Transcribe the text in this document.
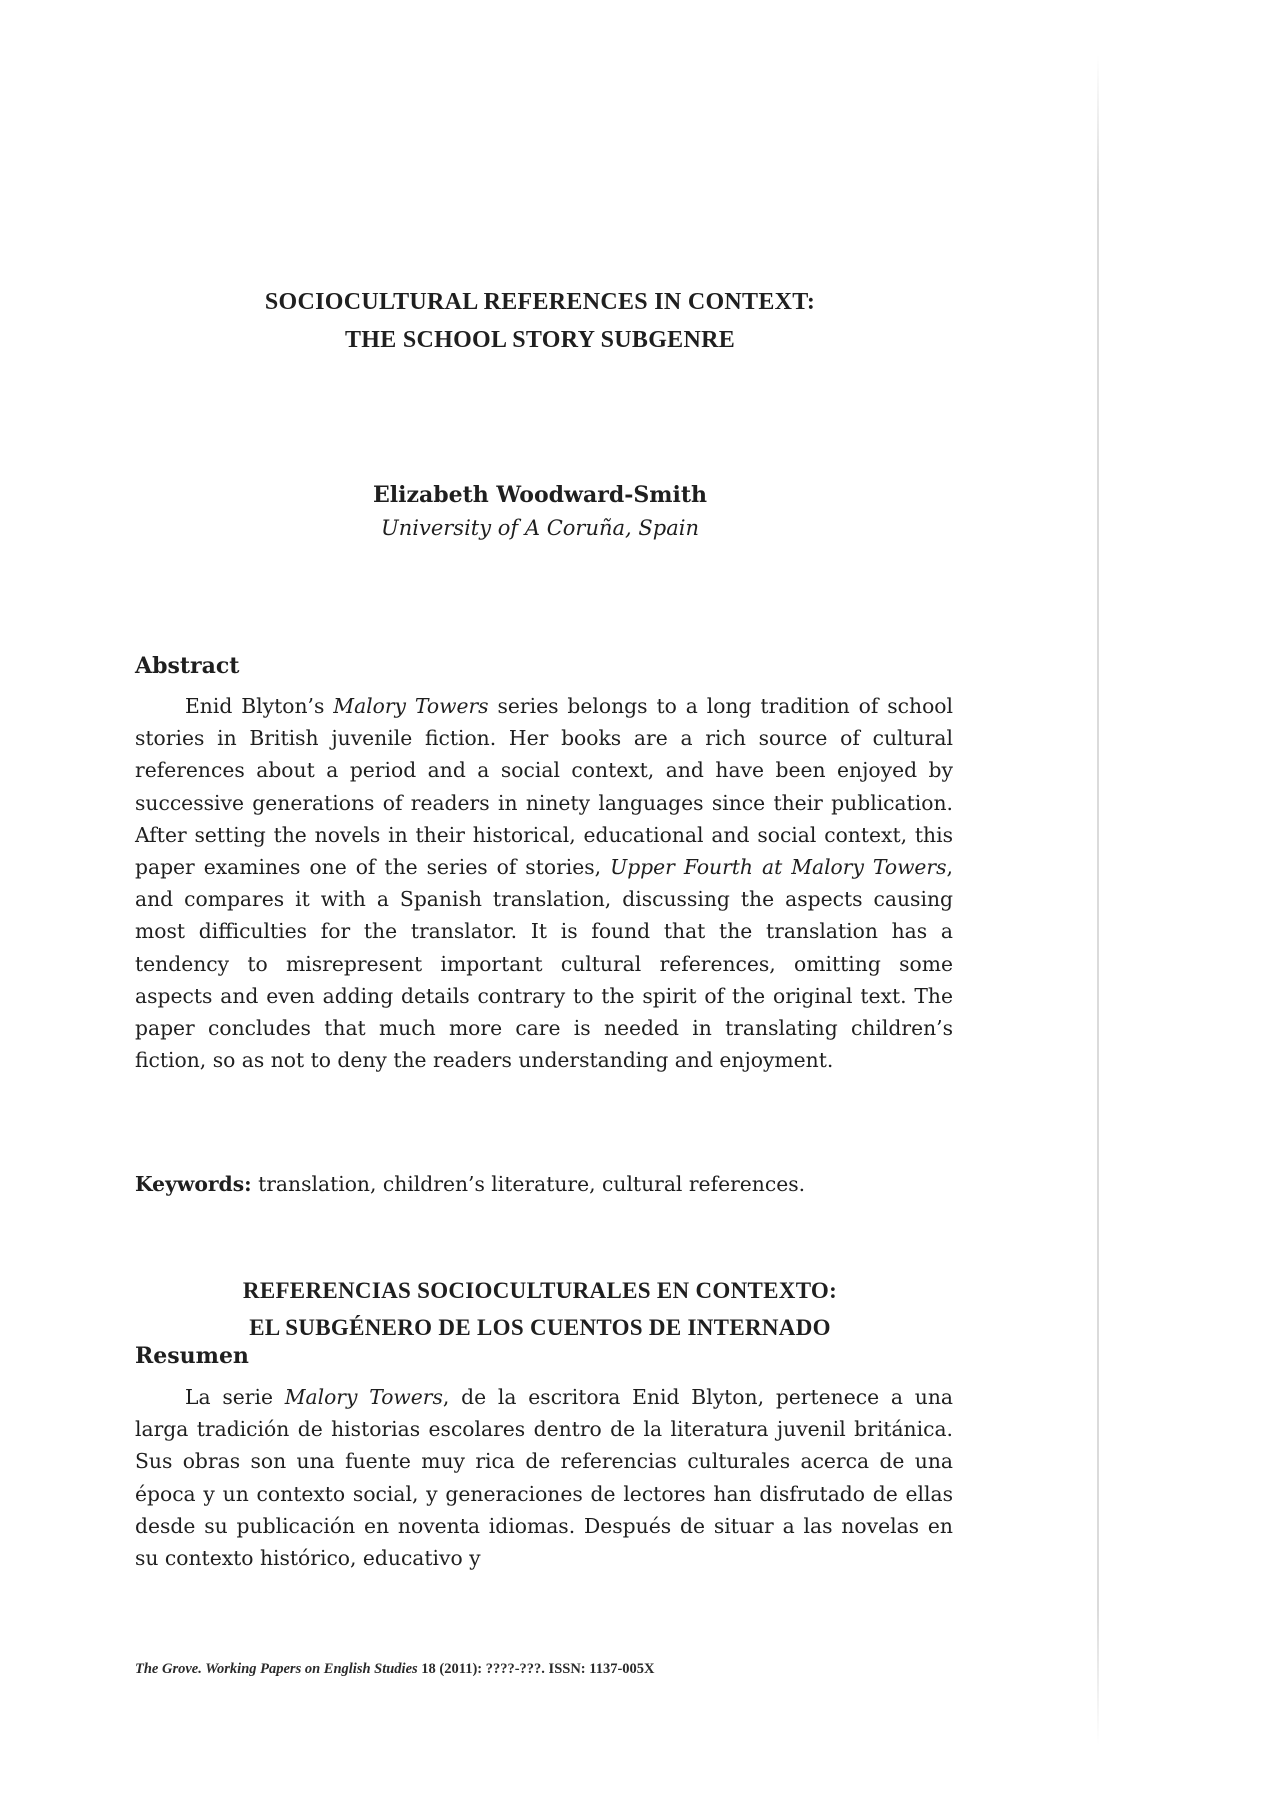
SOCIOCULTURAL REFERENCES IN CONTEXT:
THE SCHOOL STORY SUBGENRE
Elizabeth Woodward-Smith
University of A Coruña, Spain
Abstract

Enid Blyton’s Malory Towers series belongs to a long tradition of school stories in British juvenile fiction. Her books are a rich source of cultural references about a period and a social context, and have been enjoyed by successive generations of readers in ninety languages since their publication. After setting the novels in their historical, educational and social context, this paper examines one of the series of stories, Upper Fourth at Malory Towers, and compares it with a Spanish translation, discussing the aspects causing most difficulties for the translator. It is found that the translation has a tendency to misrepresent important cultural references, omitting some aspects and even adding details contrary to the spirit of the original text. The paper concludes that much more care is needed in translating children’s fiction, so as not to deny the readers understanding and enjoyment.

Keywords: translation, children’s literature, cultural references.
REFERENCIAS SOCIOCULTURALES EN CONTEXTO:
EL SUBGÉNERO DE LOS CUENTOS DE INTERNADO
Resumen

La serie Malory Towers, de la escritora Enid Blyton, pertenece a una larga tradición de historias escolares dentro de la literatura juvenil británica. Sus obras son una fuente muy rica de referencias culturales acerca de una época y un contexto social, y generaciones de lectores han disfrutado de ellas desde su publicación en noventa idiomas. Después de situar a las novelas en su contexto histórico, educativo y

The Grove. Working Papers on English Studies 18 (2011): ????-???. ISSN: 1137-005X
